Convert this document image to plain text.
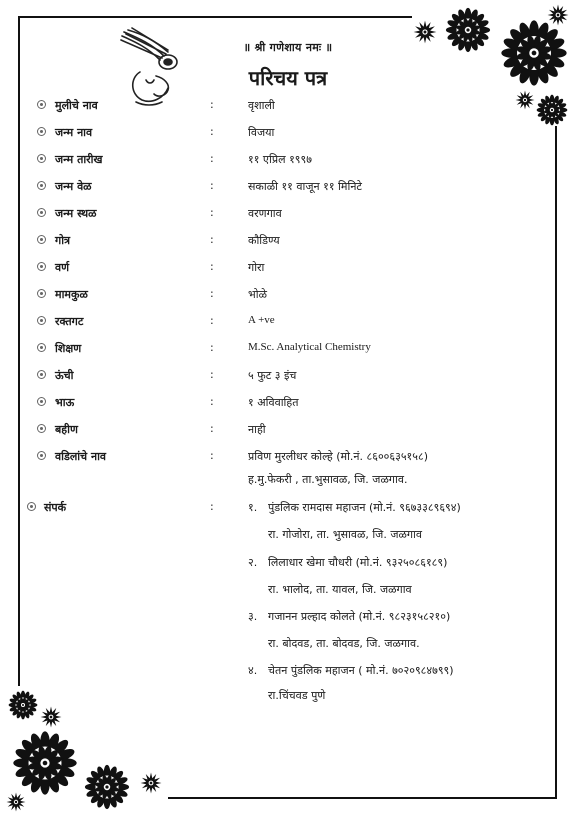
॥ श्री गणेशाय नमः ॥
परिचय पत्र
मुलीचे नाव	:	वृशाली
जन्म नाव	:	विजया
जन्म तारीख	:	११ एप्रिल १९९७
जन्म वेळ	:	सकाळी ११ वाजून ११ मिनिटे
जन्म स्थळ	:	वरणगाव
गोत्र	:	कौडिण्य
वर्ण	:	गोरा
मामकुळ	:	भोळे
रक्तगट	:	A +ve
शिक्षण	:	M.Sc. Analytical Chemistry
ऊंची	:	५ फुट ३ इंच
भाऊ	:	१ अविवाहित
बहीण	:	नाही
वडिलांचे नाव	:	प्रविण मुरलीधर कोल्हे (मो.नं. ८६००६३५१५८)
ह.मु.फेकरी , ता.भुसावळ, जि. जळगाव.
संपर्क	:	१. पुंडलिक रामदास महाजन (मो.नं. ९६७३३८९६९४)
रा. गोजोरा, ता. भुसावळ, जि. जळगाव
२. लिलाधार खेमा चौधरी (मो.नं. ९३२५०८६१८९)
रा. भालोद, ता. यावल, जि. जळगाव
३. गजानन प्रल्हाद कोलते (मो.नं. ९८२३१५८२१०)
रा. बोदवड, ता. बोदवड, जि. जळगाव.
४. चेतन पुंडलिक महाजन ( मो.नं. ७०२०९८४७९९)
रा.चिंचवड पुणे
